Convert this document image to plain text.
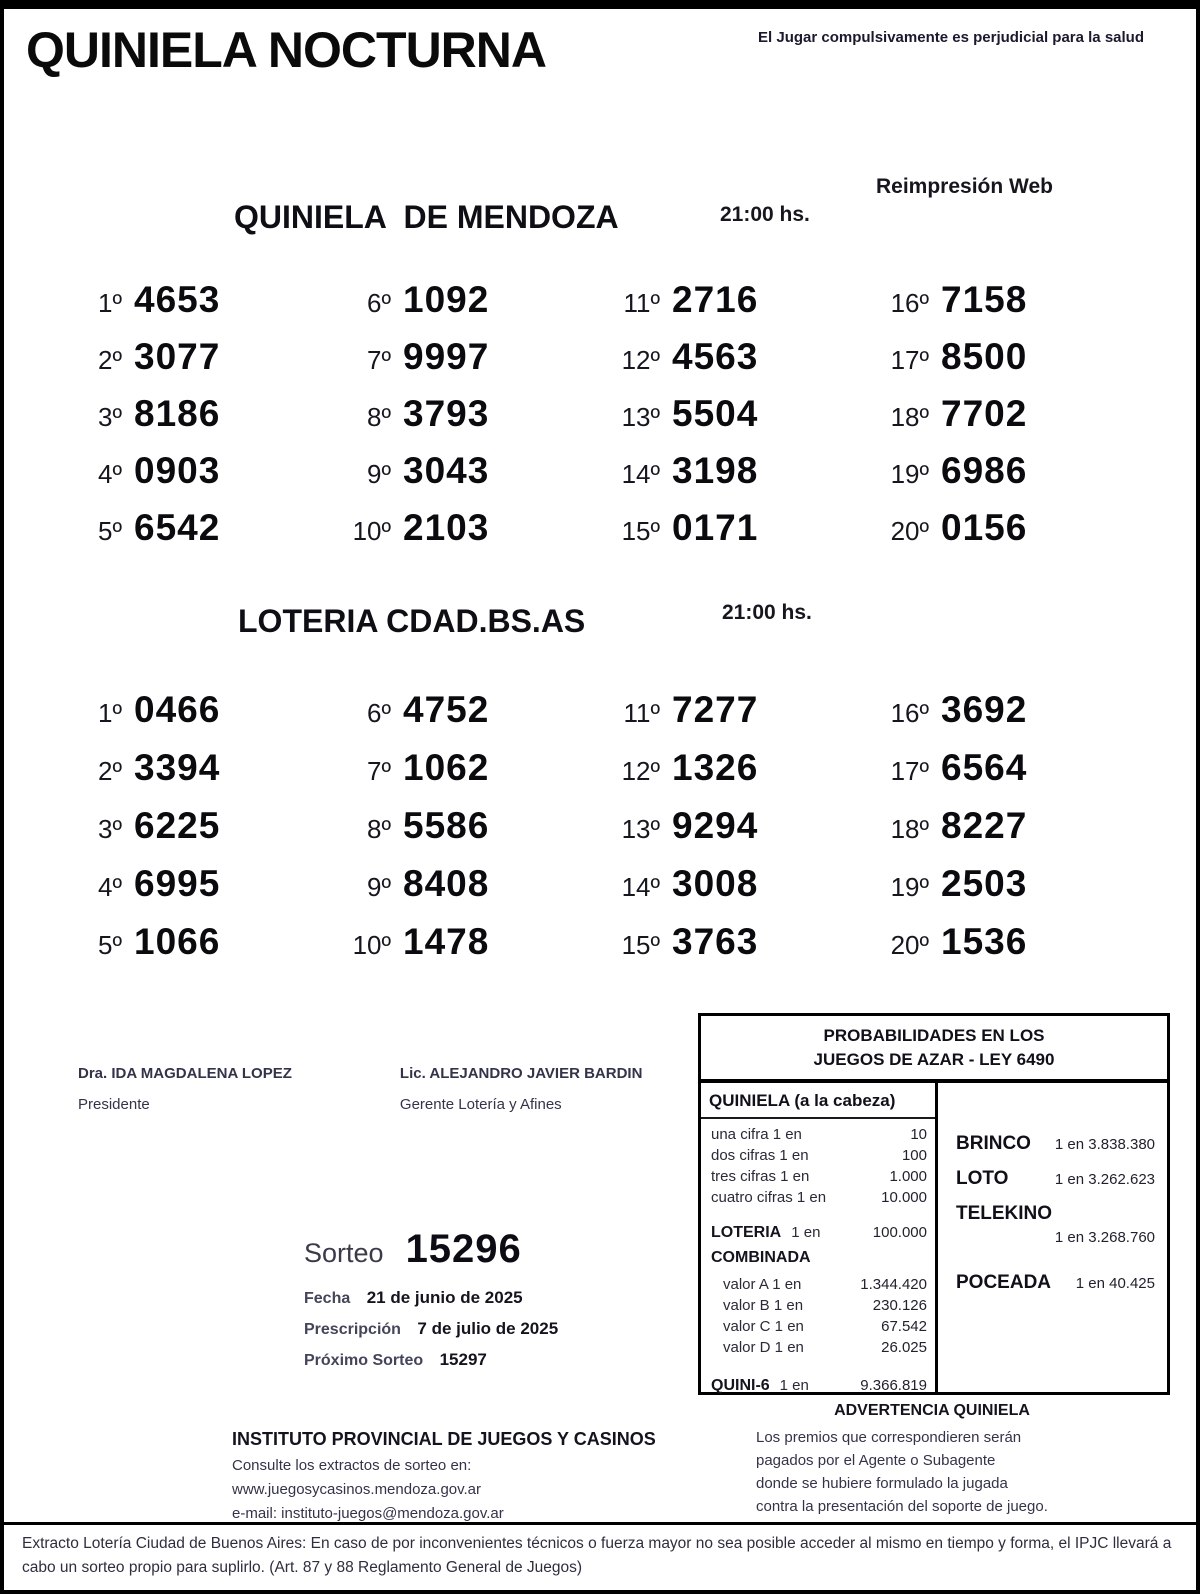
QUINIELA NOCTURNA	El Jugar compulsivamente es perjudicial para la salud
Reimpresión Web
QUINIELA  DE MENDOZA	21:00 hs.
1º 4653
2º 3077
3º 8186
4º 0903
5º 6542
6º 1092
7º 9997
8º 3793
9º 3043
10º 2103
11º 2716
12º 4563
13º 5504
14º 3198
15º 0171
16º 7158
17º 8500
18º 7702
19º 6986
20º 0156
LOTERIA CDAD.BS.AS	21:00 hs.
1º 0466
2º 3394
3º 6225
4º 6995
5º 1066
6º 4752
7º 1062
8º 5586
9º 8408
10º 1478
11º 7277
12º 1326
13º 9294
14º 3008
15º 3763
16º 3692
17º 6564
18º 8227
19º 2503
20º 1536
Dra. IDA MAGDALENA LOPEZ
Presidente
Lic. ALEJANDRO JAVIER BARDIN
Gerente Lotería y Afines
Sorteo 15296
Fecha 21 de junio de 2025
Prescripción 7 de julio de 2025
Próximo Sorteo 15297
PROBABILIDADES EN LOS
JUEGOS DE AZAR - LEY 6490
QUINIELA (a la cabeza)
una cifra 1 en	10
dos cifras 1 en	100
tres cifras 1 en	1.000
cuatro cifras 1 en	10.000
LOTERIA 1 en	100.000
COMBINADA
valor A 1 en	1.344.420
valor B 1 en	230.126
valor C 1 en	67.542
valor D 1 en	26.025
QUINI-6 1 en	9.366.819
BRINCO 1 en 3.838.380
LOTO	1 en 3.262.623
TELEKINO
1 en 3.268.760
POCEADA 1 en 40.425
INSTITUTO PROVINCIAL DE JUEGOS Y CASINOS
Consulte los extractos de sorteo en:
www.juegosycasinos.mendoza.gov.ar
e-mail: instituto-juegos@mendoza.gov.ar
ADVERTENCIA QUINIELA
Los premios que correspondieren serán
pagados por el Agente o Subagente
donde se hubiere formulado la jugada
contra la presentación del soporte de juego.
Extracto Lotería Ciudad de Buenos Aires: En caso de por inconvenientes técnicos o fuerza mayor no sea posible acceder al mismo en tiempo y forma, el IPJC llevará a cabo un sorteo propio para suplirlo. (Art. 87 y 88 Reglamento General de Juegos)
